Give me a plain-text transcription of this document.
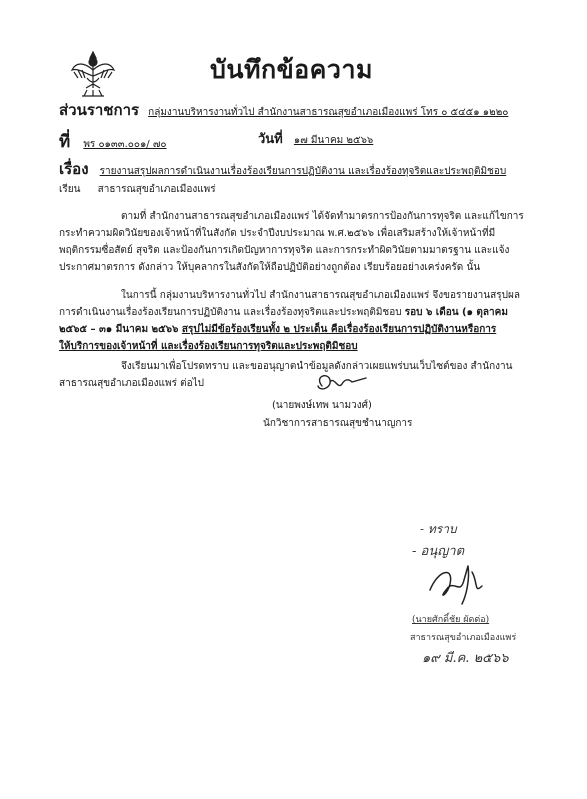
บันทึกข้อความ
ส่วนราชการ กลุ่มงานบริหารงานทั่วไป สำนักงานสาธารณสุขอำเภอเมืองแพร่ โทร ๐ ๕๔๕๑ ๑๒๒๐
ที่ พร ๐๑๓๓.๐๐๑/ ๗๐	วันที่ ๑๗ มีนาคม ๒๕๖๖
เรื่อง รายงานสรุปผลการดำเนินงานเรื่องร้องเรียนการปฏิบัติงาน และเรื่องร้องทุจริตและประพฤติมิชอบ
เรียน สาธารณสุขอำเภอเมืองแพร่

ตามที่ สำนักงานสาธารณสุขอำเภอเมืองแพร่ ได้จัดทำมาตรการป้องกันการทุจริต และแก้ไขการ

กระทำความผิดวินัยของเจ้าหน้าที่ในสังกัด ประจำปีงบประมาณ พ.ศ.๒๕๖๖ เพื่อเสริมสร้างให้เจ้าหน้าที่มี

พฤติกรรมซื่อสัตย์ สุจริต และป้องกันการเกิดปัญหาการทุจริต และการกระทำผิดวินัยตามมาตรฐาน และแจ้ง

ประกาศมาตรการ ดังกล่าว ให้บุคลากรในสังกัดให้ถือปฏิบัติอย่างถูกต้อง เรียบร้อยอย่างเคร่งครัด นั้น

ในการนี้ กลุ่มงานบริหารงานทั่วไป สำนักงานสาธารณสุขอำเภอเมืองแพร่ จึงขอรายงานสรุปผล

การดำเนินงานเรื่องร้องเรียนการปฏิบัติงาน และเรื่องร้องทุจริตและประพฤติมิชอบ รอบ ๖ เดือน (๑ ตุลาคม

๒๕๖๕ – ๓๑ มีนาคม ๒๕๖๖ สรุปไม่มีข้อร้องเรียนทั้ง ๒ ประเด็น คือเรื่องร้องเรียนการปฏิบัติงานหรือการ

ให้บริการของเจ้าหน้าที่ และเรื่องร้องเรียนการทุจริตและประพฤติมิชอบ

จึงเรียนมาเพื่อโปรดทราบ และขออนุญาตนำข้อมูลดังกล่าวเผยแพร่บนเว็บไซต์ของ สำนักงาน

สาธารณสุขอำเภอเมืองแพร่ ต่อไป

(นายพงษ์เทพ นามวงศ์)
นักวิชาการสาธารณสุขชำนาญการ
- ทราบ
- อนุญาต
(นายศักดิ์ชัย ผัดต่อ)
สาธารณสุขอำเภอเมืองแพร่
๑๙ มี.ค. ๒๕๖๖
